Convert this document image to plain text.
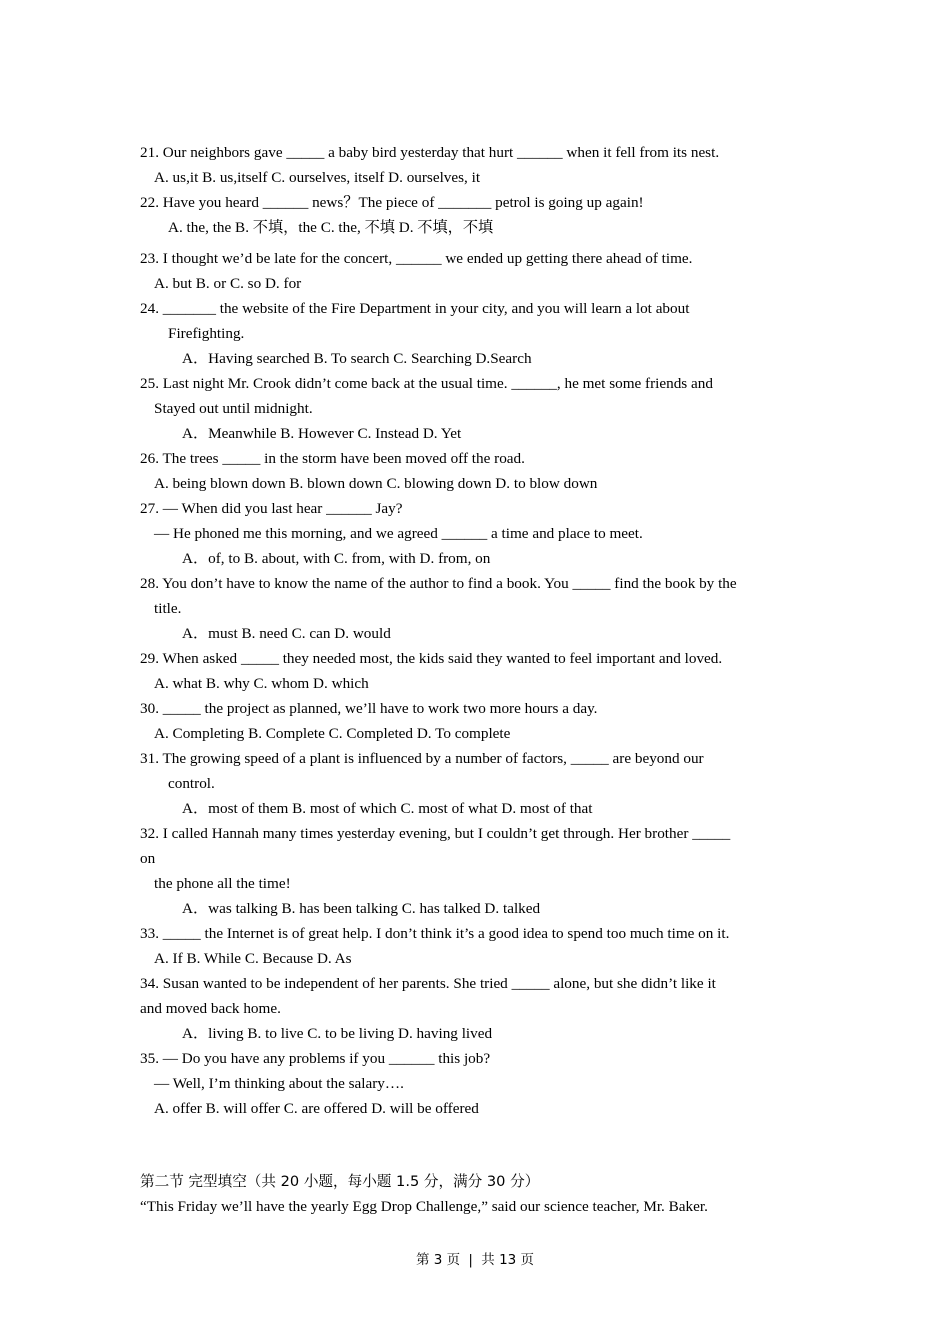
21. Our neighbors gave _____ a baby bird yesterday that hurt ______ when it fell from its nest.
A. us,it B. us,itself C. ourselves, itself D. ourselves, it
22. Have you heard ______ news？The piece of _______ petrol is going up again!
A. the, the B. 不填，the C. the, 不填 D. 不填，不填
23. I thought we’d be late for the concert, ______ we ended up getting there ahead of time.
A. but B. or C. so D. for
24. _______ the website of the Fire Department in your city, and you will learn a lot about
Firefighting.
A．Having searched B. To search C. Searching D.Search
25. Last night Mr. Crook didn’t come back at the usual time. ______, he met some friends and
Stayed out until midnight.
A．Meanwhile B. However C. Instead D. Yet
26. The trees _____ in the storm have been moved off the road.
A. being blown down B. blown down C. blowing down D. to blow down
27. — When did you last hear ______ Jay?
— He phoned me this morning, and we agreed ______ a time and place to meet.
A．of, to B. about, with C. from, with D. from, on
28. You don’t have to know the name of the author to find a book. You _____ find the book by the
title.
A．must B. need C. can D. would
29. When asked _____ they needed most, the kids said they wanted to feel important and loved.
A. what B. why C. whom D. which
30. _____ the project as planned, we’ll have to work two more hours a day.
A. Completing B. Complete C. Completed D. To complete
31. The growing speed of a plant is influenced by a number of factors, _____ are beyond our
control.
A．most of them B. most of which C. most of what D. most of that
32. I called Hannah many times yesterday evening, but I couldn’t get through. Her brother _____
on
the phone all the time!
A．was talking B. has been talking C. has talked D. talked
33. _____ the Internet is of great help. I don’t think it’s a good idea to spend too much time on it.
A. If B. While C. Because D. As
34. Susan wanted to be independent of her parents. She tried _____ alone, but she didn’t like it
and moved back home.
A．living B. to live C. to be living D. having lived
35. — Do you have any problems if you ______ this job?
— Well, I’m thinking about the salary….
A. offer B. will offer C. are offered D. will be offered
第二节 完型填空（共 20 小题，每小题 1.5 分，满分 30 分）
“This Friday we’ll have the yearly Egg Drop Challenge,” said our science teacher, Mr. Baker.
第 3 页 | 共 13 页
